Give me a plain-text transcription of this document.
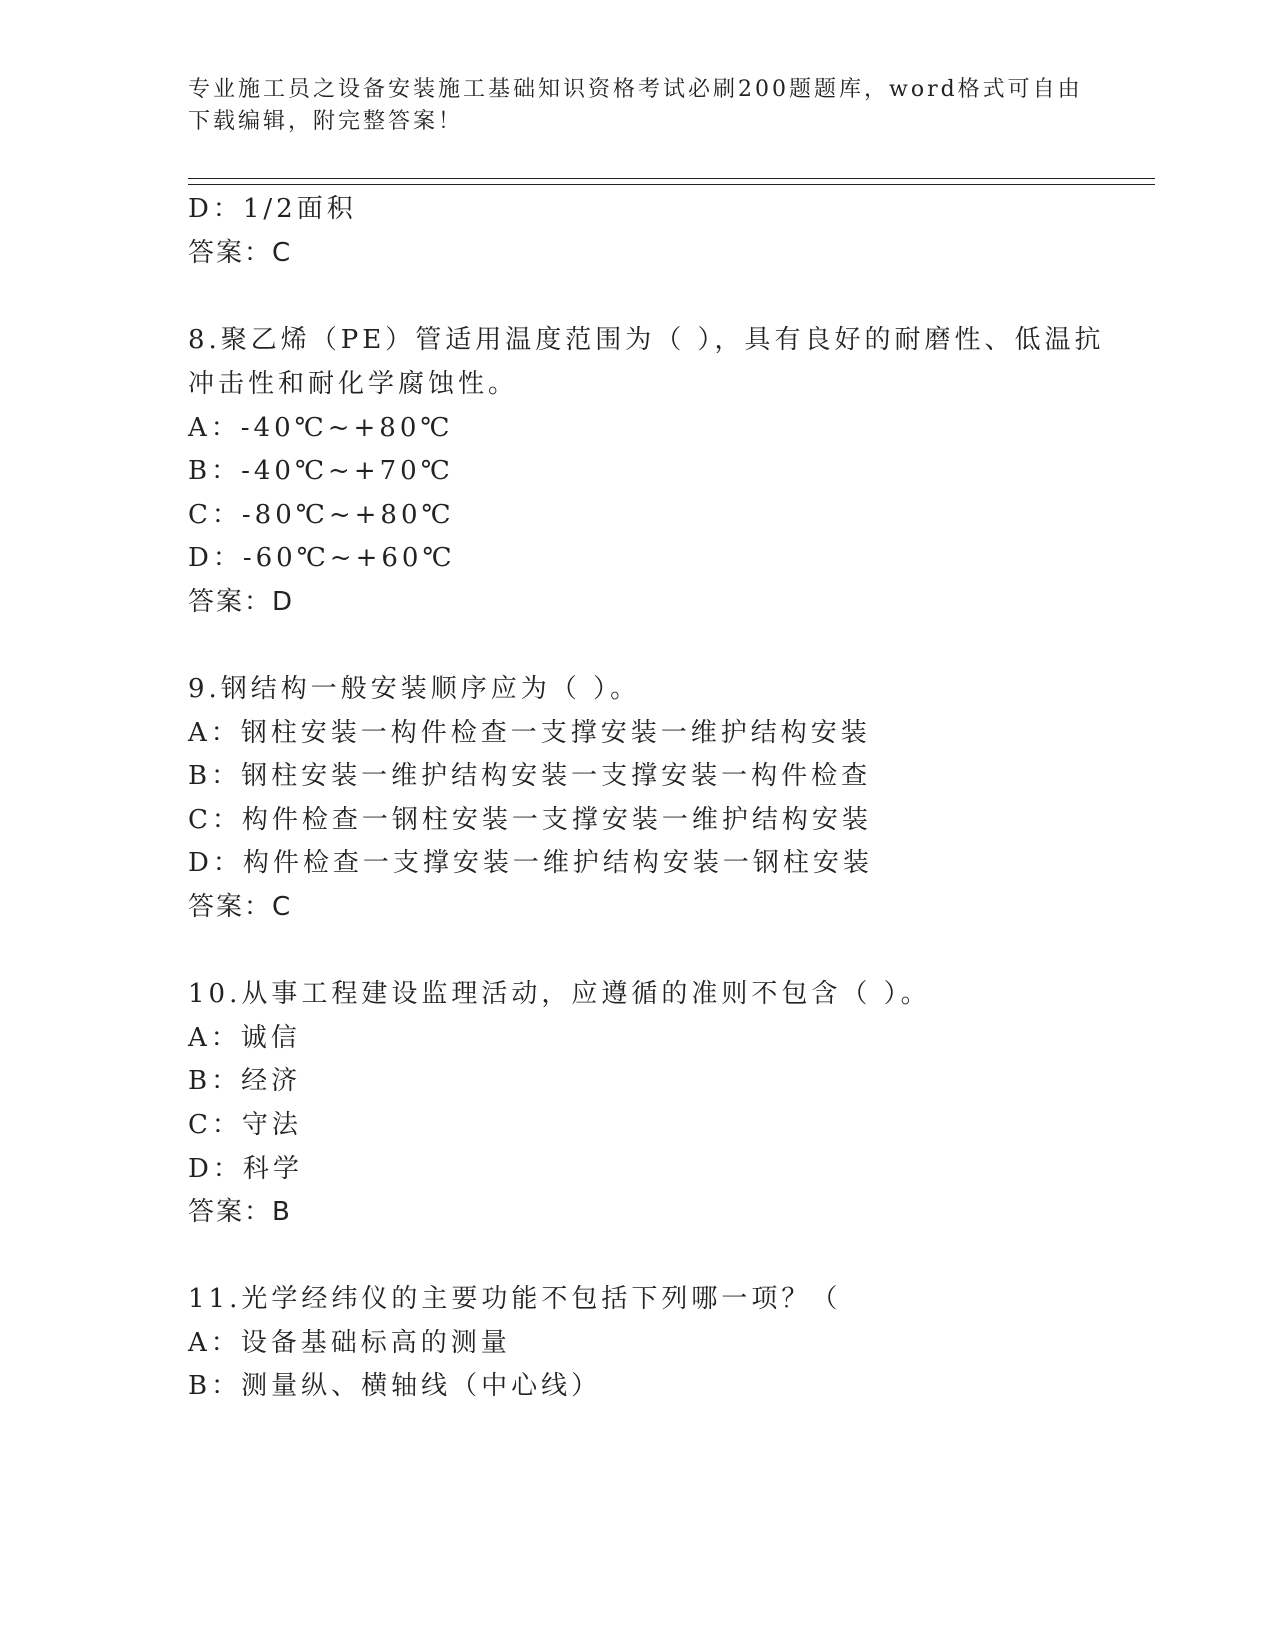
专业施工员之设备安装施工基础知识资格考试必刷200题题库，word格式可自由
下载编辑，附完整答案！
D：1/2面积
答案：C
8.聚乙烯（PE）管适用温度范围为（ ），具有良好的耐磨性、低温抗
冲击性和耐化学腐蚀性。
A：-40℃~+80℃
B：-40℃~+70℃
C：-80℃~+80℃
D：-60℃~+60℃
答案：D
9.钢结构一般安装顺序应为（ ）。
A：钢柱安装一构件检查一支撑安装一维护结构安装
B：钢柱安装一维护结构安装一支撑安装一构件检查
C：构件检查一钢柱安装一支撑安装一维护结构安装
D：构件检查一支撑安装一维护结构安装一钢柱安装
答案：C
10.从事工程建设监理活动，应遵循的准则不包含（ ）。
A：诚信
B：经济
C：守法
D：科学
答案：B
11.光学经纬仪的主要功能不包括下列哪一项？（
A：设备基础标高的测量
B：测量纵、横轴线（中心线）
